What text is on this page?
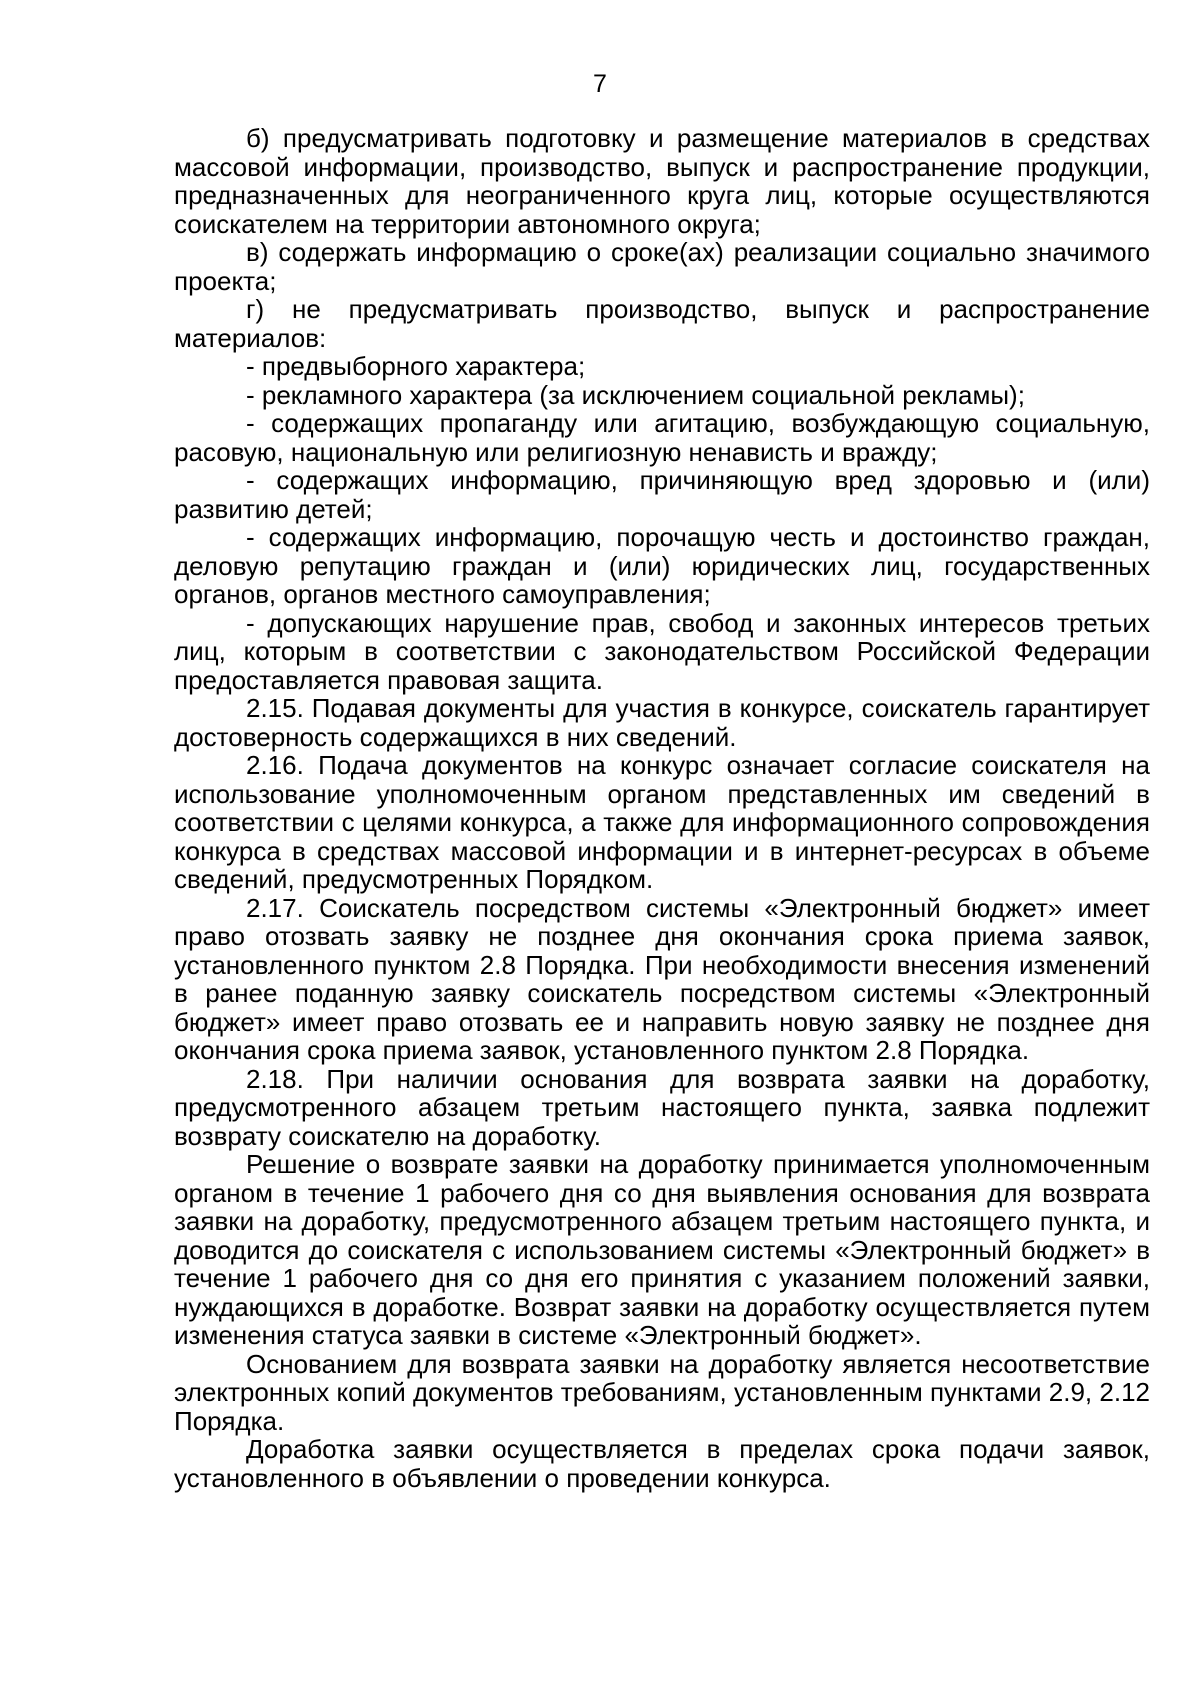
7

б) предусматривать подготовку и размещение материалов в средствах массовой информации, производство, выпуск и распространение продукции, предназначенных для неограниченного круга лиц, которые осуществляются соискателем на территории автономного округа;

в) содержать информацию о сроке(ах) реализации социально значимого проекта;

г) не предусматривать производство, выпуск и распространение материалов:

- предвыборного характера;

- рекламного характера (за исключением социальной рекламы);

- содержащих пропаганду или агитацию, возбуждающую социальную, расовую, национальную или религиозную ненависть и вражду;

- содержащих информацию, причиняющую вред здоровью и (или) развитию детей;

- содержащих информацию, порочащую честь и достоинство граждан, деловую репутацию граждан и (или) юридических лиц, государственных органов, органов местного самоуправления;

- допускающих нарушение прав, свобод и законных интересов третьих лиц, которым в соответствии с законодательством Российской Федерации предоставляется правовая защита.

2.15. Подавая документы для участия в конкурсе, соискатель гарантирует достоверность содержащихся в них сведений.

2.16. Подача документов на конкурс означает согласие соискателя на использование уполномоченным органом представленных им сведений в соответствии с целями конкурса, а также для информационного сопровождения конкурса в средствах массовой информации и в интернет-ресурсах в объеме сведений, предусмотренных Порядком.

2.17. Соискатель посредством системы «Электронный бюджет» имеет право отозвать заявку не позднее дня окончания срока приема заявок, установленного пунктом 2.8 Порядка. При необходимости внесения изменений в ранее поданную заявку соискатель посредством системы «Электронный бюджет» имеет право отозвать ее и направить новую заявку не позднее дня окончания срока приема заявок, установленного пунктом 2.8 Порядка.

2.18. При наличии основания для возврата заявки на доработку, предусмотренного абзацем третьим настоящего пункта, заявка подлежит возврату соискателю на доработку.

Решение о возврате заявки на доработку принимается уполномоченным органом в течение 1 рабочего дня со дня выявления основания для возврата заявки на доработку, предусмотренного абзацем третьим настоящего пункта, и доводится до соискателя с использованием системы «Электронный бюджет» в течение 1 рабочего дня со дня его принятия с указанием положений заявки, нуждающихся в доработке. Возврат заявки на доработку осуществляется путем изменения статуса заявки в системе «Электронный бюджет».

Основанием для возврата заявки на доработку является несоответствие электронных копий документов требованиям, установленным пунктами 2.9, 2.12 Порядка.

Доработка заявки осуществляется в пределах срока подачи заявок, установленного в объявлении о проведении конкурса.
